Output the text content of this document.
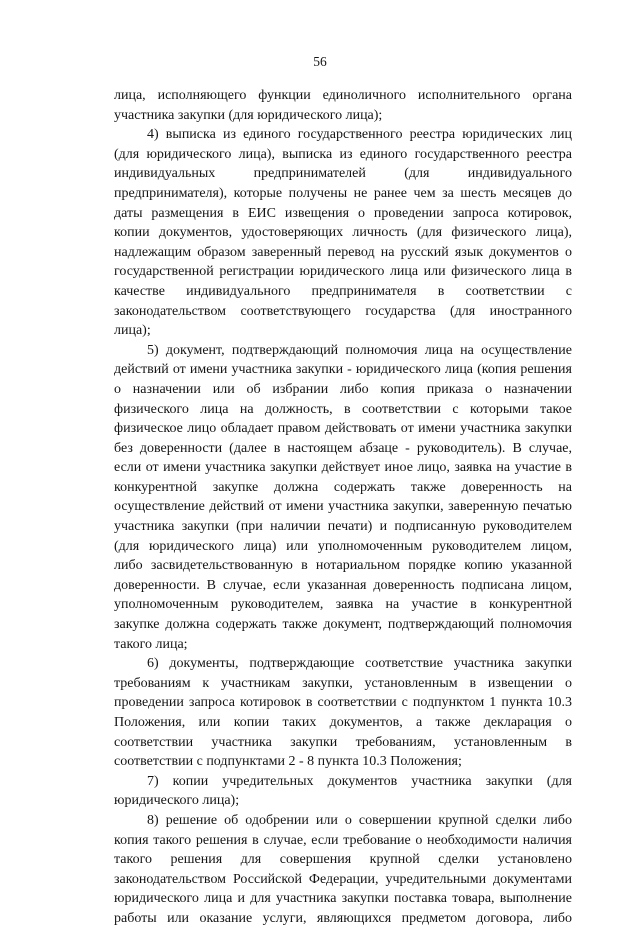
56
лица, исполняющего функции единоличного исполнительного органа
участника закупки (для юридического лица);
4) выписка из единого государственного реестра юридических лиц
(для юридического лица), выписка из единого государственного реестра
индивидуальных предпринимателей (для индивидуального
предпринимателя), которые получены не ранее чем за шесть месяцев до
даты размещения в ЕИС извещения о проведении запроса котировок,
копии документов, удостоверяющих личность (для физического лица),
надлежащим образом заверенный перевод на русский язык документов о
государственной регистрации юридического лица или физического лица в
качестве индивидуального предпринимателя в соответствии с
законодательством соответствующего государства (для иностранного
лица);
5) документ, подтверждающий полномочия лица на осуществление
действий от имени участника закупки - юридического лица (копия решения
о назначении или об избрании либо копия приказа о назначении
физического лица на должность, в соответствии с которыми такое
физическое лицо обладает правом действовать от имени участника закупки
без доверенности (далее в настоящем абзаце - руководитель). В случае,
если от имени участника закупки действует иное лицо, заявка на участие в
конкурентной закупке должна содержать также доверенность на
осуществление действий от имени участника закупки, заверенную печатью
участника закупки (при наличии печати) и подписанную руководителем
(для юридического лица) или уполномоченным руководителем лицом,
либо засвидетельствованную в нотариальном порядке копию указанной
доверенности. В случае, если указанная доверенность подписана лицом,
уполномоченным руководителем, заявка на участие в конкурентной
закупке должна содержать также документ, подтверждающий полномочия
такого лица;
6) документы, подтверждающие соответствие участника закупки
требованиям к участникам закупки, установленным в извещении о
проведении запроса котировок в соответствии с подпунктом 1 пункта 10.3
Положения, или копии таких документов, а также декларация о
соответствии участника закупки требованиям, установленным в
соответствии с подпунктами 2 - 8 пункта 10.3 Положения;
7) копии учредительных документов участника закупки (для
юридического лица);
8) решение об одобрении или о совершении крупной сделки либо
копия такого решения в случае, если требование о необходимости наличия
такого решения для совершения крупной сделки установлено
законодательством Российской Федерации, учредительными документами
юридического лица и для участника закупки поставка товара, выполнение
работы или оказание услуги, являющихся предметом договора, либо
